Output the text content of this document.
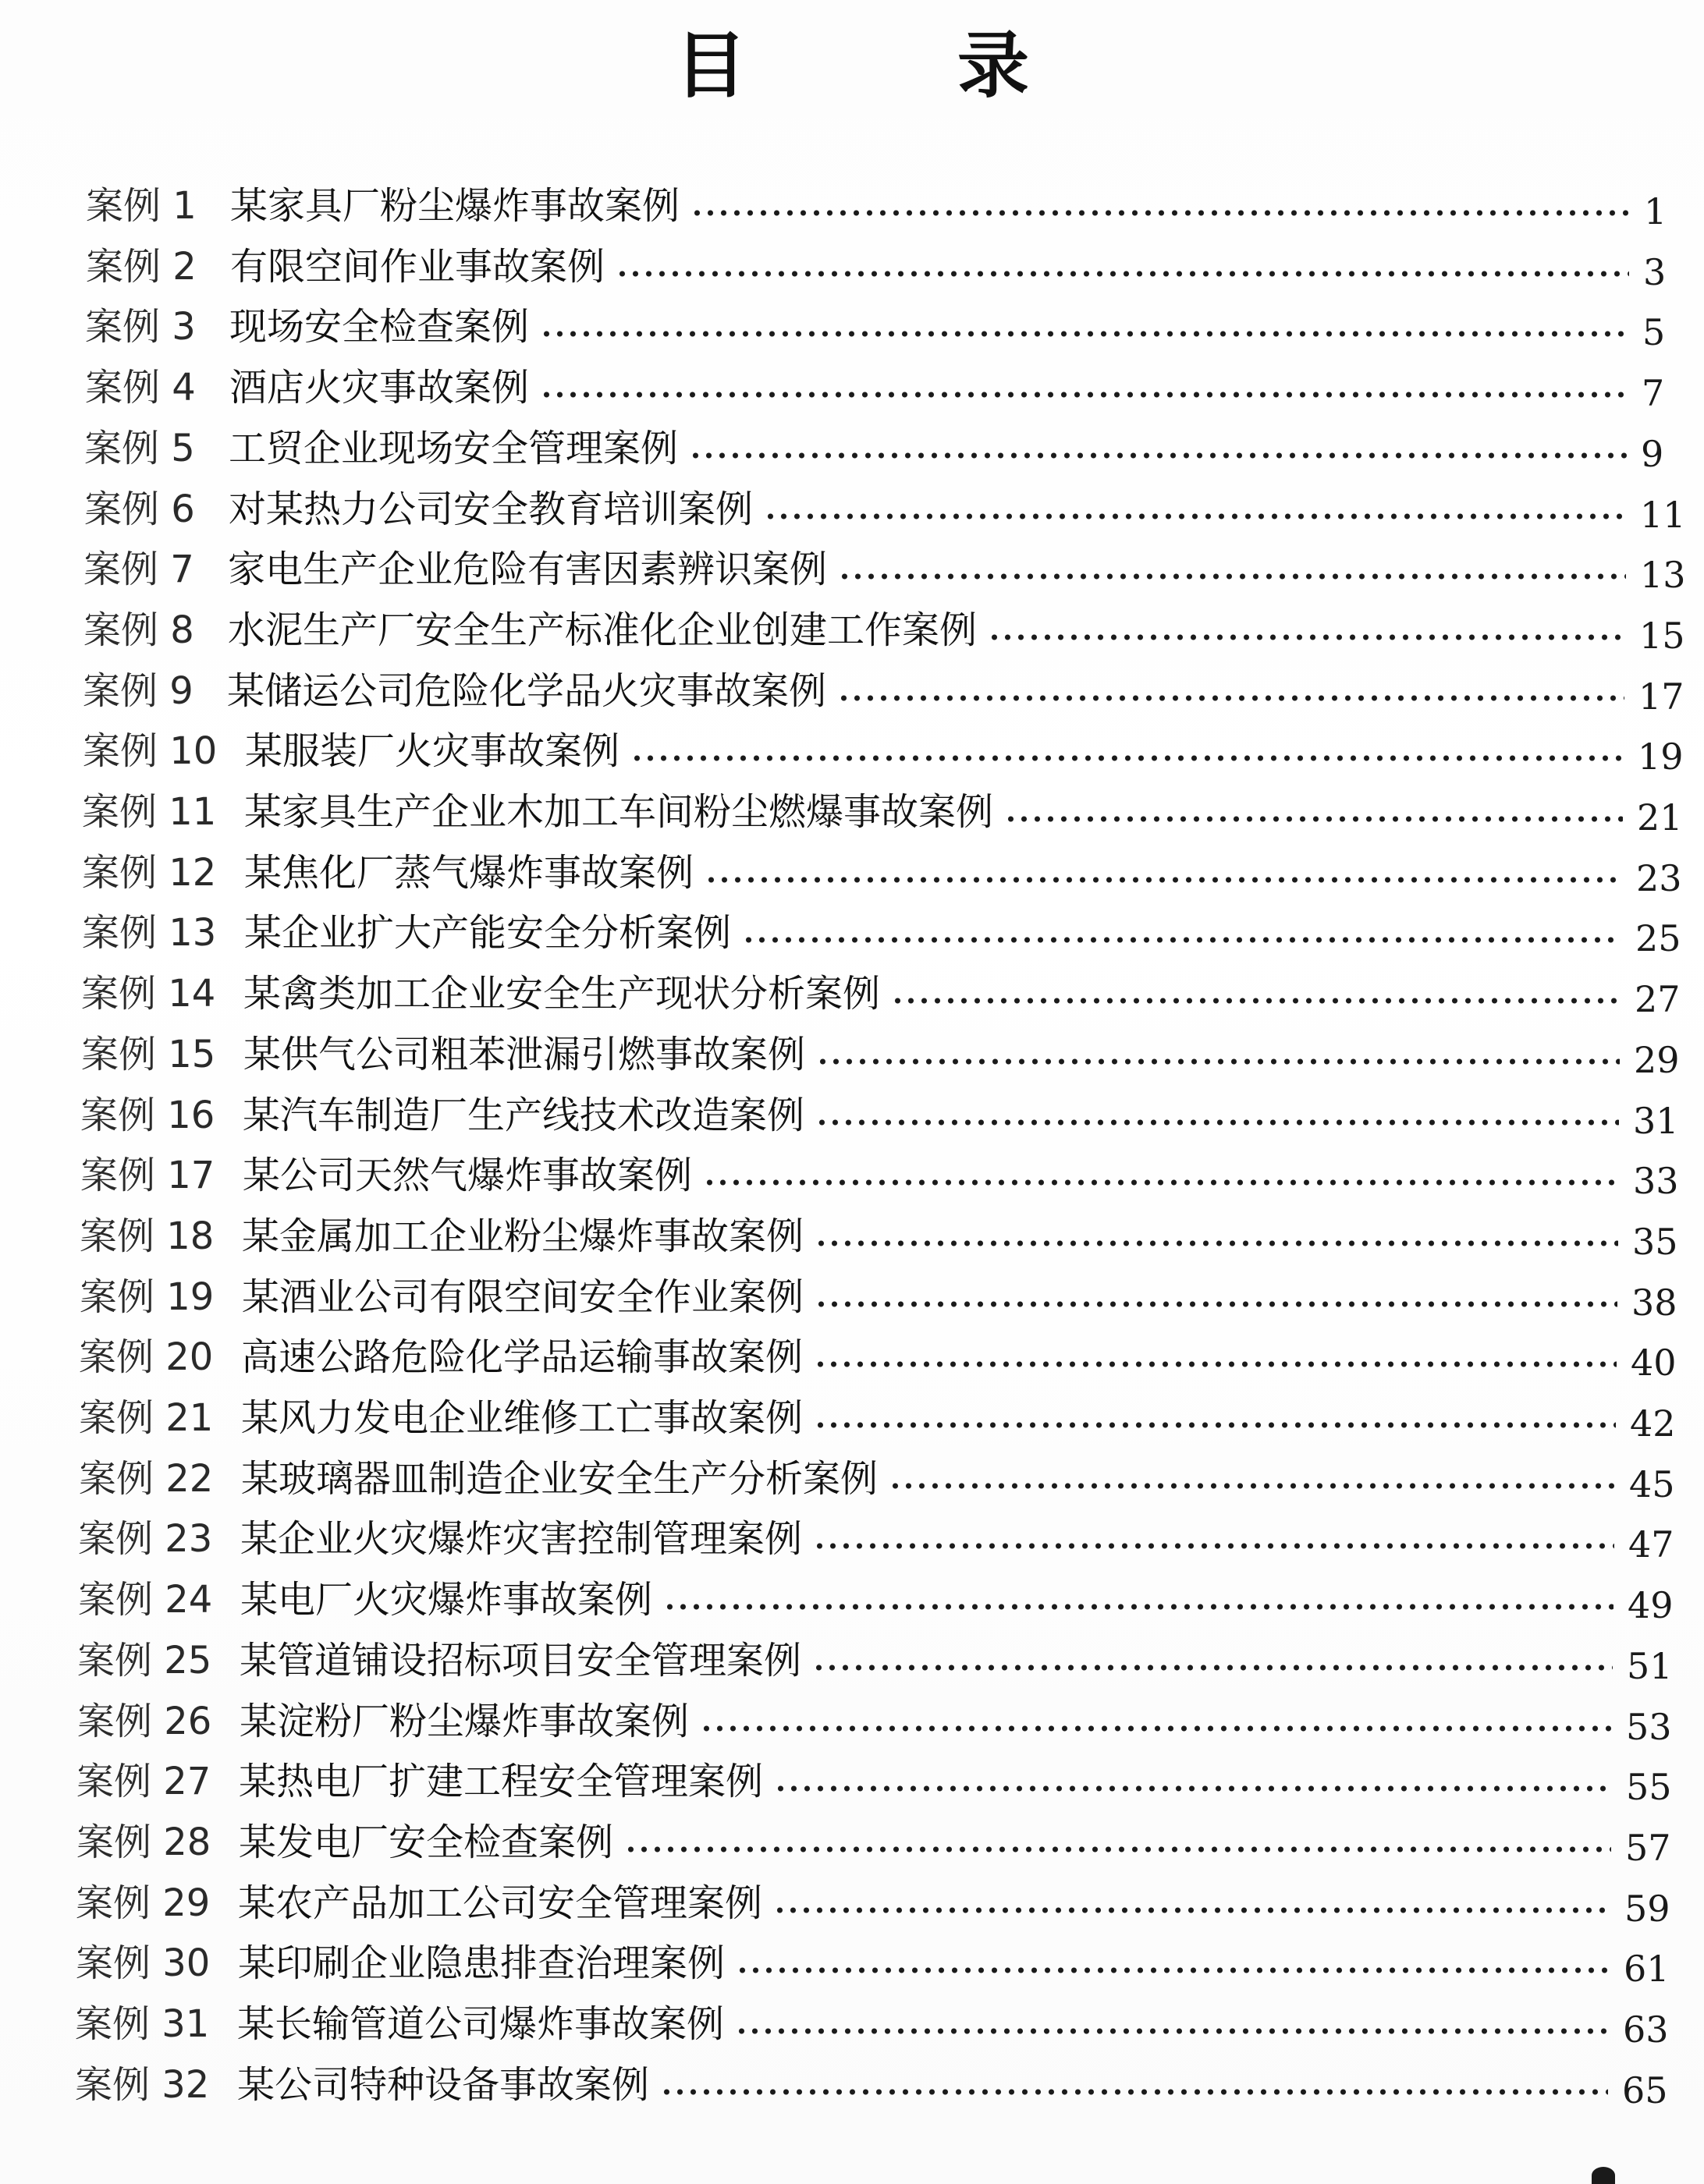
目	录
案例 1 某家具厂粉尘爆炸事故案例	1
案例 2 有限空间作业事故案例	3
案例 3 现场安全检查案例	5
案例 4 酒店火灾事故案例	7
案例 5 工贸企业现场安全管理案例	9
案例 6 对某热力公司安全教育培训案例	11
案例 7 家电生产企业危险有害因素辨识案例	13
案例 8 水泥生产厂安全生产标准化企业创建工作案例	15
案例 9 某储运公司危险化学品火灾事故案例	17
案例 10 某服装厂火灾事故案例	19
案例 11 某家具生产企业木加工车间粉尘燃爆事故案例	21
案例 12 某焦化厂蒸气爆炸事故案例	23
案例 13 某企业扩大产能安全分析案例	25
案例 14 某禽类加工企业安全生产现状分析案例	27
案例 15 某供气公司粗苯泄漏引燃事故案例	29
案例 16 某汽车制造厂生产线技术改造案例	31
案例 17 某公司天然气爆炸事故案例	33
案例 18 某金属加工企业粉尘爆炸事故案例	35
案例 19 某酒业公司有限空间安全作业案例	38
案例 20 高速公路危险化学品运输事故案例	40
案例 21 某风力发电企业维修工亡事故案例	42
案例 22 某玻璃器皿制造企业安全生产分析案例	45
案例 23 某企业火灾爆炸灾害控制管理案例	47
案例 24 某电厂火灾爆炸事故案例	49
案例 25 某管道铺设招标项目安全管理案例	51
案例 26 某淀粉厂粉尘爆炸事故案例	53
案例 27 某热电厂扩建工程安全管理案例	55
案例 28 某发电厂安全检查案例	57
案例 29 某农产品加工公司安全管理案例	59
案例 30 某印刷企业隐患排查治理案例	61
案例 31 某长输管道公司爆炸事故案例	63
案例 32 某公司特种设备事故案例	65
